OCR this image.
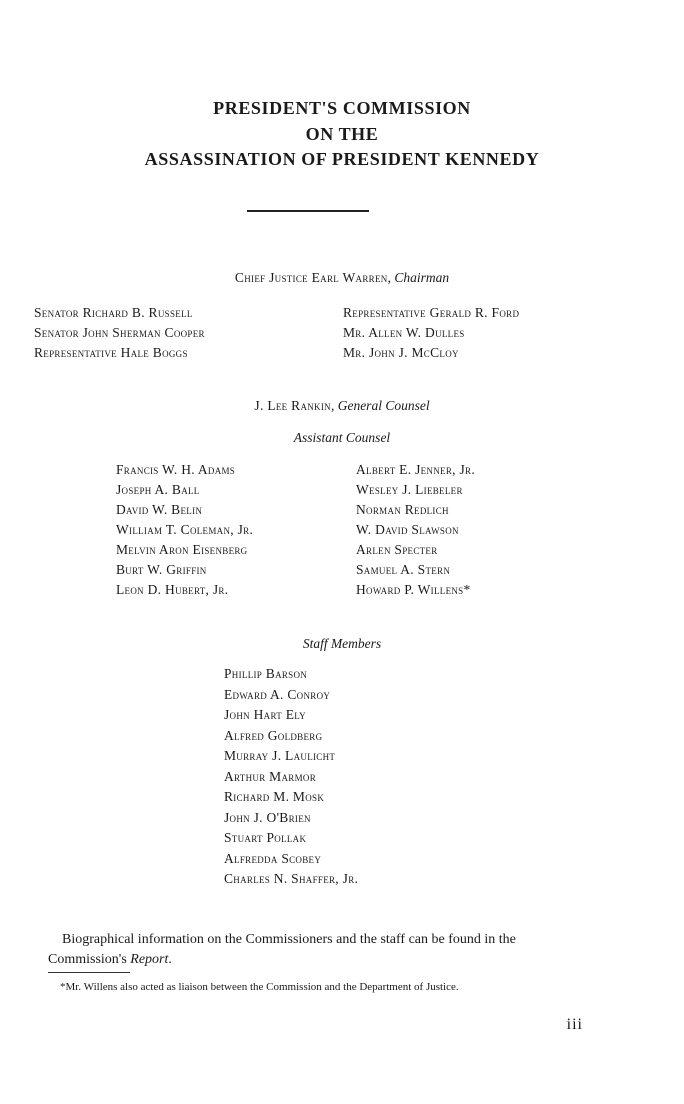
PRESIDENT'S COMMISSION
ON THE
ASSASSINATION OF PRESIDENT KENNEDY
Chief Justice Earl Warren, Chairman
Senator Richard B. Russell
Senator John Sherman Cooper
Representative Hale Boggs
Representative Gerald R. Ford
Mr. Allen W. Dulles
Mr. John J. McCloy
J. Lee Rankin, General Counsel
Assistant Counsel
Francis W. H. Adams
Joseph A. Ball
David W. Belin
William T. Coleman, Jr.
Melvin Aron Eisenberg
Burt W. Griffin
Leon D. Hubert, Jr.
Albert E. Jenner, Jr.
Wesley J. Liebeler
Norman Redlich
W. David Slawson
Arlen Specter
Samuel A. Stern
Howard P. Willens*
Staff Members
Phillip Barson
Edward A. Conroy
John Hart Ely
Alfred Goldberg
Murray J. Laulicht
Arthur Marmor
Richard M. Mosk
John J. O'Brien
Stuart Pollak
Alfredda Scobey
Charles N. Shaffer, Jr.
Biographical information on the Commissioners and the staff can be found in the Commission's Report.
*Mr. Willens also acted as liaison between the Commission and the Department of Justice.
iii
